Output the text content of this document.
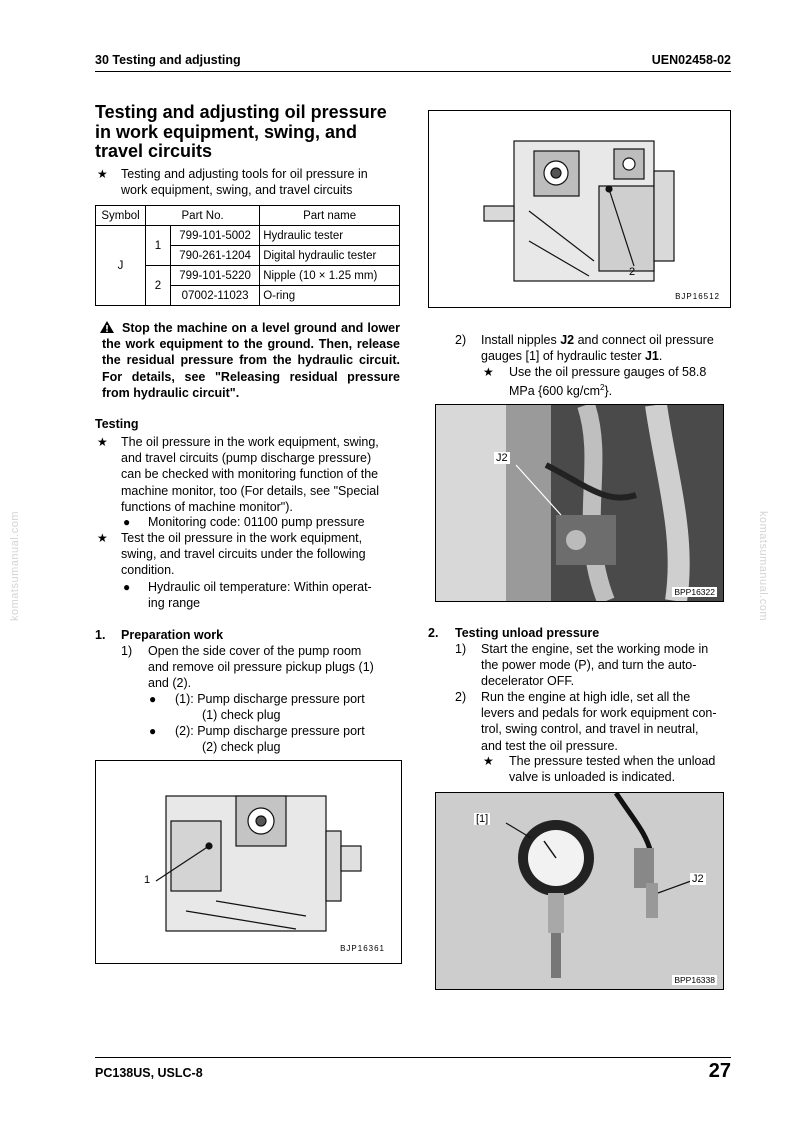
30 Testing and adjusting	UEN02458-02
komatsumanual.com	komatsumanual.com
Testing and adjusting oil pressure
in work equipment, swing, and
travel circuits
★ Testing and adjusting tools for oil pressure in
work equipment, swing, and travel circuits
Symbol	Part No.		Part name
J	1	799-101-5002	Hydraulic tester
		790-261-1204	Digital hydraulic tester
	2	799-101-5220	Nipple (10 × 1.25 mm)
		07002-11023	O-ring
Stop the machine on a level ground and lower the work equipment to the ground. Then, release the residual pressure from the hydraulic circuit. For details, see "Releasing residual pressure from hydraulic circuit".
Testing
★ The oil pressure in the work equipment, swing,
and travel circuits (pump discharge pressure)
can be checked with monitoring function of the
machine monitor, too (For details, see "Special
functions of machine monitor").
● Monitoring code: 01100 pump pressure
★ Test the oil pressure in the work equipment,
swing, and travel circuits under the following
condition.
● Hydraulic oil temperature: Within operat-
ing range
1. Preparation work
1) Open the side cover of the pump room
and remove oil pressure pickup plugs (1)
and (2).
● (1): Pump discharge pressure port
(1) check plug
● (2): Pump discharge pressure port
(2) check plug
2
BJP16512
2) Install nipples J2 and connect oil pressure
gauges [1] of hydraulic tester J1.
★ Use the oil pressure gauges of 58.8
MPa {600 $kg/cm^2$}.
J2
BPP16322
2. Testing unload pressure
1) Start the engine, set the working mode in
the power mode (P), and turn the auto-
decelerator OFF.
2) Run the engine at high idle, set all the
levers and pedals for work equipment con-
trol, swing control, and travel in neutral,
and test the oil pressure.
★ The pressure tested when the unload
valve is unloaded is indicated.
1
BJP16361
[1]
J2
BPP16338
PC138US, USLC-8	27
